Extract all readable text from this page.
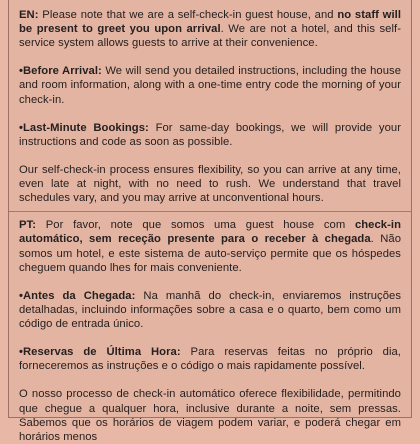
EN: Please note that we are a self-check-in guest house, and no staff will be present to greet you upon arrival. We are not a hotel, and this self-service system allows guests to arrive at their convenience.

•Before Arrival: We will send you detailed instructions, including the house and room information, along with a one-time entry code the morning of your check-in.

•Last-Minute Bookings: For same-day bookings, we will provide your instructions and code as soon as possible.

Our self-check-in process ensures flexibility, so you can arrive at any time, even late at night, with no need to rush. We understand that travel schedules vary, and you may arrive at unconventional hours.

PT: Por favor, note que somos uma guest house com check-in automático, sem receção presente para o receber à chegada. Não somos um hotel, e este sistema de auto-serviço permite que os hóspedes cheguem quando lhes for mais conveniente.

•Antes da Chegada: Na manhã do check-in, enviaremos instruções detalhadas, incluindo informações sobre a casa e o quarto, bem como um código de entrada único.

•Reservas de Última Hora: Para reservas feitas no próprio dia, forneceremos as instruções e o código o mais rapidamente possível.

O nosso processo de check-in automático oferece flexibilidade, permitindo que chegue a qualquer hora, inclusive durante a noite, sem pressas. Sabemos que os horários de viagem podem variar, e poderá chegar em horários menos
